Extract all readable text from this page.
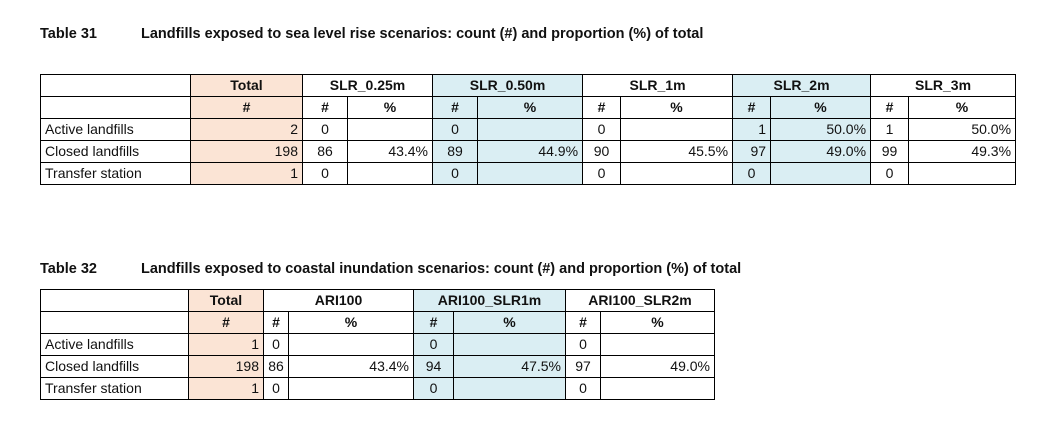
Table 31	Landfills exposed to sea level rise scenarios: count (#) and proportion (%) of total
	Total	SLR_0.25m		SLR_0.50m		SLR_1m		SLR_2m		SLR_3m	
	#	#	%	#	%	#	%	#	%	#	%
Active landfills	2	0		0		0		1	50.0%	1	50.0%
Closed landfills	198	86	43.4%	89	44.9%	90	45.5%	97	49.0%	99	49.3%
Transfer station	1	0		0		0		0		0	
Table 32	Landfills exposed to coastal inundation scenarios: count (#) and proportion (%) of total
	Total	ARI100		ARI100_SLR1m		ARI100_SLR2m	
	#	#	%	#	%	#	%
Active landfills	1	0		0		0	
Closed landfills	198	86	43.4%	94	47.5%	97	49.0%
Transfer station	1	0		0		0	
